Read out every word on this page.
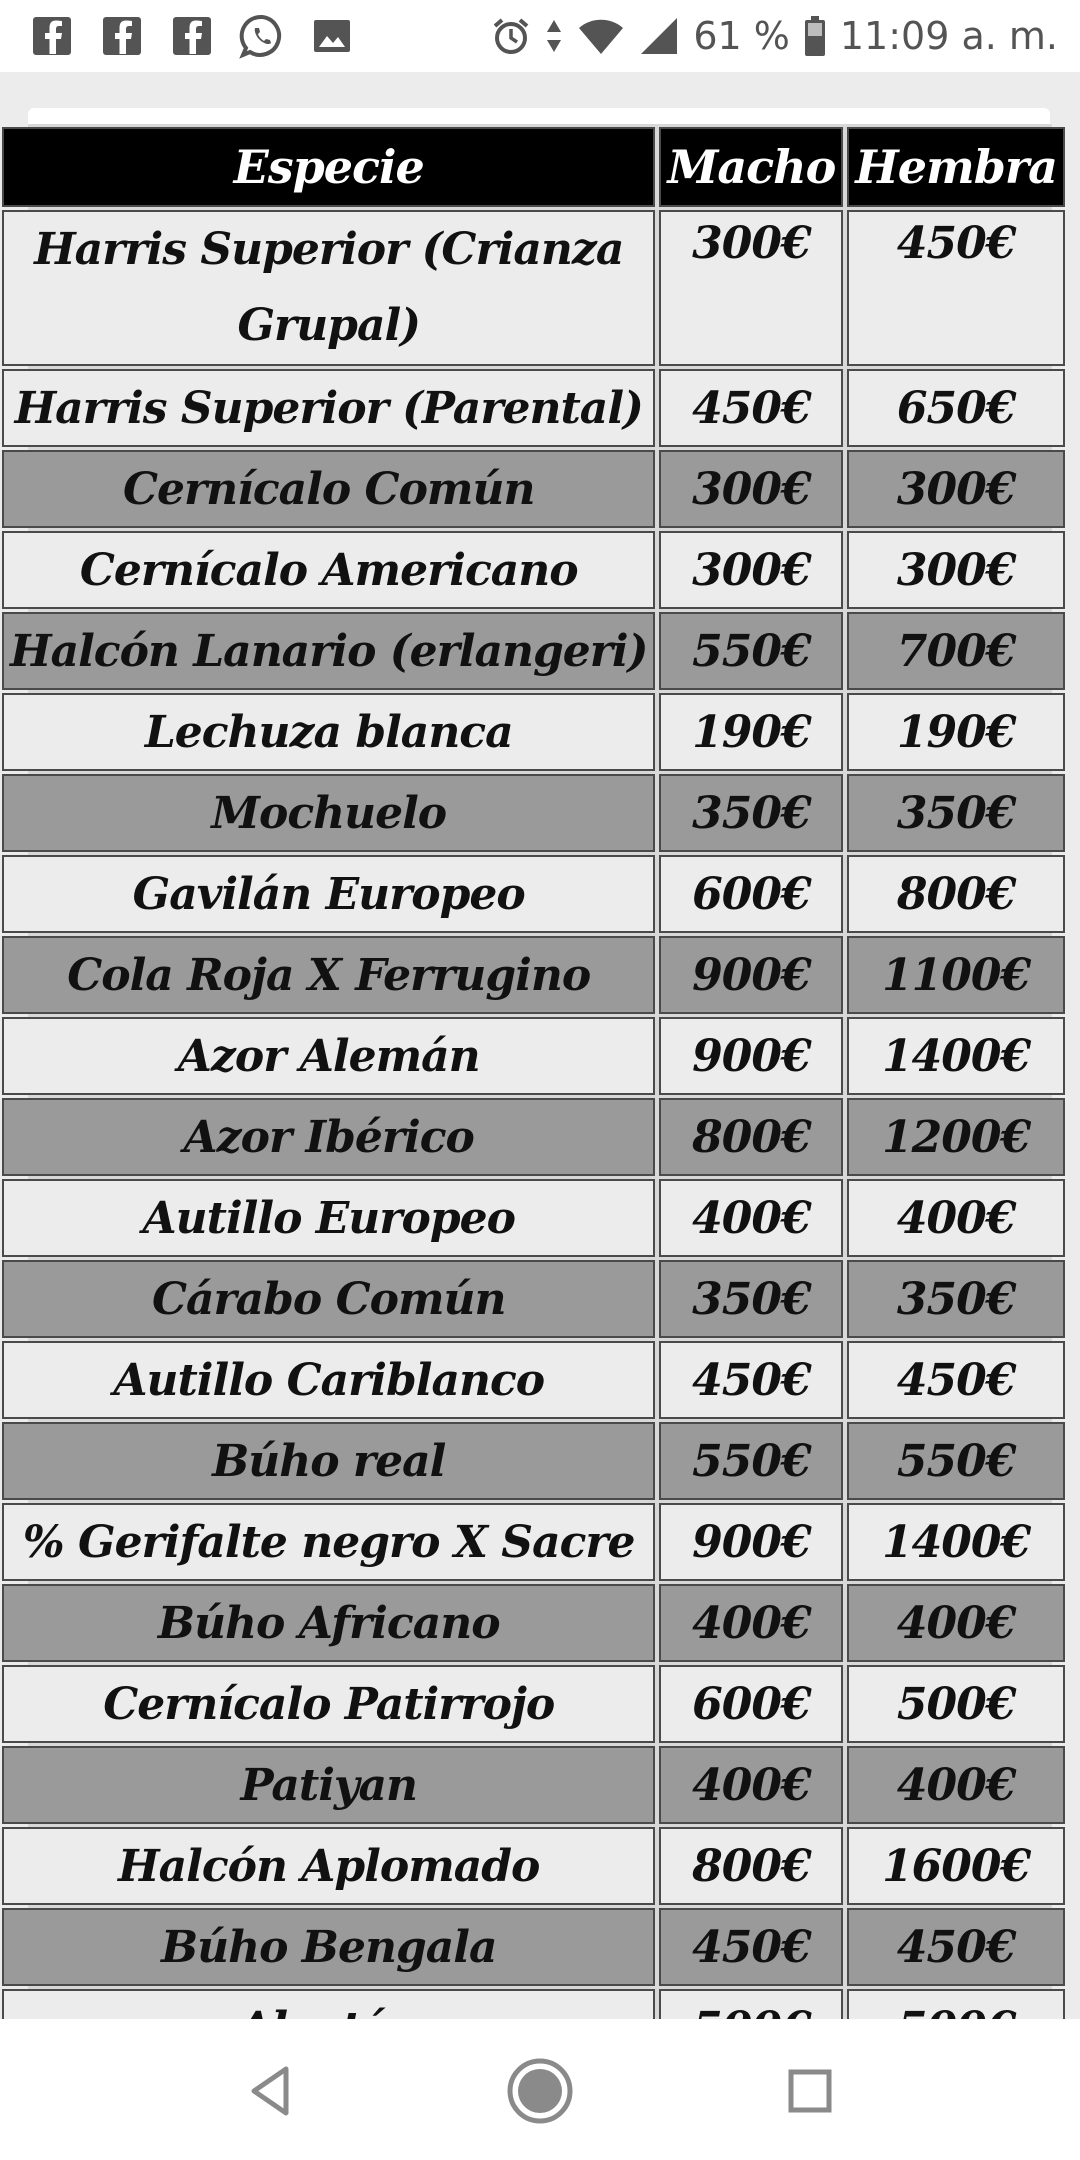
61 % 11:09 a. m.
Especie	Macho	Hembra
Harris Superior (Crianza Grupal)	300€	450€
Harris Superior (Parental)	450€	650€
Cernícalo Común	300€	300€
Cernícalo Americano	300€	300€
Halcón Lanario (erlangeri)	550€	700€
Lechuza blanca	190€	190€
Mochuelo	350€	350€
Gavilán Europeo	600€	800€
Cola Roja X Ferrugino	900€	1100€
Azor Alemán	900€	1400€
Azor Ibérico	800€	1200€
Autillo Europeo	400€	400€
Cárabo Común	350€	350€
Autillo Cariblanco	450€	450€
Búho real	550€	550€
% Gerifalte negro X Sacre	900€	1400€
Búho Africano	400€	400€
Cernícalo Patirrojo	600€	500€
Patiyan	400€	400€
Halcón Aplomado	800€	1600€
Búho Bengala	450€	450€
